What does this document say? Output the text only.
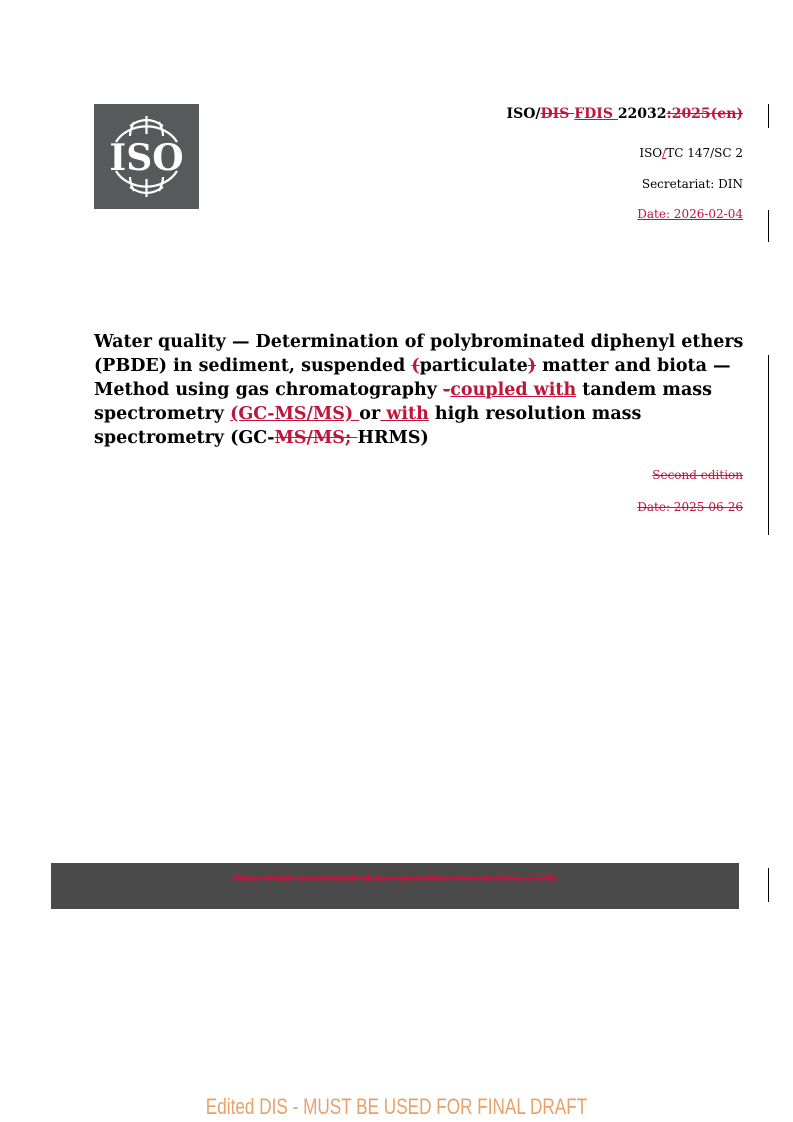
ISO
ISO/DIS FDIS 22032:2025(en)
ISO/TC 147/SC 2
Secretariat: DIN
Date: 2026-02-04
Water quality — Determination of polybrominated diphenyl ethers (PBDE) in sediment, suspended (particulate) matter and biota — Method using gas chromatography -coupled with tandem mass spectrometry (GC-MS/MS) or with high resolution mass spectrometry (GC-MS/MS; HRMS)
Second edition
Date: 2025-06-26
This draft is submitted to a parallel vote in ISO, CEN.
Edited DIS - MUST BE USED FOR FINAL DRAFT
